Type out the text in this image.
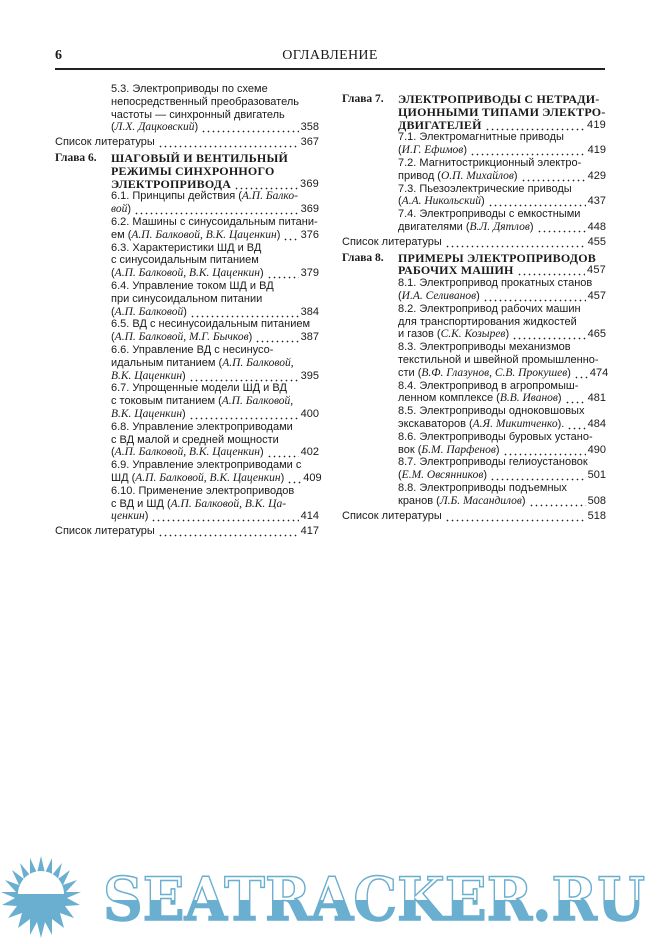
6	ОГЛАВЛЕНИЕ
5.3. Электроприводы по схеме
непосредственный преобразователь
частоты — синхронный двигатель
(Л.Х. Дацковский)	358
Список литературы	367
Глава 6. ШАГОВЫЙ И ВЕНТИЛЬНЫЙ
РЕЖИМЫ СИНХРОННОГО
ЭЛЕКТРОПРИВОДА	369
6.1. Принципы действия (А.П. Балко-
вой)	369
6.2. Машины с синусоидальным питани-
ем (А.П. Балковой, В.К. Цаценкин) 376
6.3. Характеристики ШД и ВД
с синусоидальным питанием
(А.П. Балковой, В.К. Цаценкин)	379
6.4. Управление током ШД и ВД
при синусоидальном питании
(А.П. Балковой)	384
6.5. ВД с несинусоидальным питанием
(А.П. Балковой, М.Г. Бычков)	387
6.6. Управление ВД с несинусо-
идальным питанием (А.П. Балковой,
В.К. Цаценкин)	395
6.7. Упрощенные модели ШД и ВД
с токовым питанием (А.П. Балковой,
В.К. Цаценкин)	400
6.8. Управление электроприводами
с ВД малой и средней мощности
(А.П. Балковой, В.К. Цаценкин)	402
6.9. Управление электроприводами с
ШД (А.П. Балковой, В.К. Цаценкин) 409
6.10. Применение электроприводов
с ВД и ШД (А.П. Балковой, В.К. Ца-
ценкин)	414
Список литературы	417
Глава 7. ЭЛЕКТРОПРИВОДЫ С НЕТРАДИ-
ЦИОННЫМИ ТИПАМИ ЭЛЕКТРО-
ДВИГАТЕЛЕЙ	419
7.1. Электромагнитные приводы
(И.Г. Ефимов)	419
7.2. Магнитострикционный электро-
привод (О.П. Михайлов)	429
7.3. Пьезоэлектрические приводы
(А.А. Никольский)	437
7.4. Электроприводы с емкостными
двигателями (В.Л. Дятлов)	448
Список литературы	455
Глава 8. ПРИМЕРЫ ЭЛЕКТРОПРИВОДОВ
РАБОЧИХ МАШИН	457
8.1. Электропривод прокатных станов
(И.А. Селиванов)	457
8.2. Электропривод рабочих машин
для транспортирования жидкостей
и газов (С.К. Козырев)	465
8.3. Электроприводы механизмов
текстильной и швейной промышленно-
сти (В.Ф. Глазунов, С.В. Прокушев) 474
8.4. Электропривод в агропромыш-
ленном комплексе (В.В. Иванов) 481
8.5. Электроприводы одноковшовых
экскаваторов (А.Я. Микитченко). 484
8.6. Электроприводы буровых устано-
вок (Б.М. Парфенов)	490
8.7. Электроприводы гелиоустановок
(Е.М. Овсянников)	501
8.8. Электроприводы подъемных
кранов (Л.Б. Масандилов)	508
Список литературы	518
SEATRACKER.RU
